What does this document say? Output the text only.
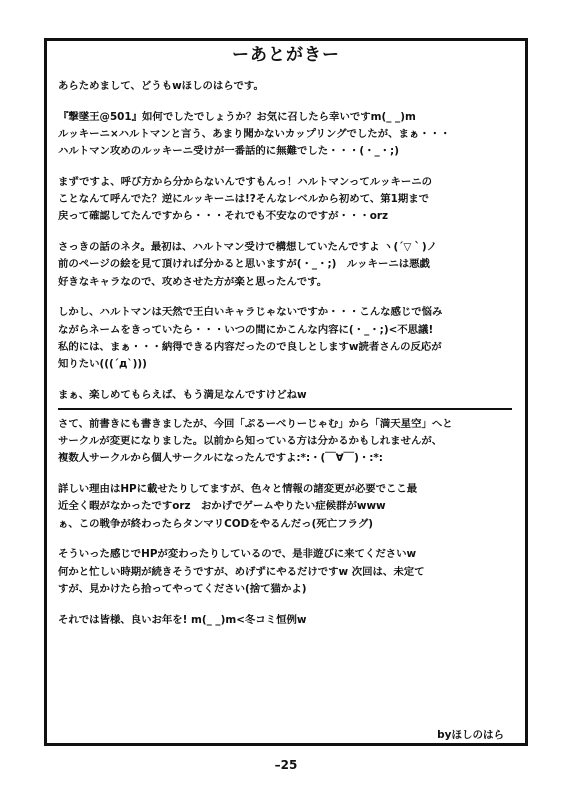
ーあとがきー

あらためまして、どうもwほしのはらです。

『撃墜王@501』如何でしたでしょうか？お気に召したら幸いですm(_ _)m
ルッキーニ×ハルトマンと言う、あまり聞かないカップリングでしたが、まぁ・・・
ハルトマン攻めのルッキーニ受けが一番話的に無難でした・・・(・_・;)

まずですよ、呼び方から分からないんですもんっ！ハルトマンってルッキーニの
ことなんて呼んでた？逆にルッキーニは!?そんなレベルから初めて、第1期まで
戻って確認してたんですから・・・それでも不安なのですが・・・orz

さっきの話のネタ。最初は、ハルトマン受けで構想していたんですよ ヽ(´▽｀)ノ
前のページの絵を見て頂ければ分かると思いますが(・_・;)　ルッキーニは悪戯
好きなキャラなので、攻めさせた方が楽と思ったんです。

しかし、ハルトマンは天然で王白いキャラじゃないですか・・・こんな感じで悩み
ながらネームをきっていたら・・・いつの間にかこんな内容に(・_・;)<不思議!
私的には、まぁ・・・納得できる内容だったので良しとしますw読者さんの反応が
知りたい(((´д`)))

まぁ、楽しめてもらえば、もう満足なんですけどねw

さて、前書きにも書きましたが、今回「ぷるーべりーじゃむ」から「満天星空」へと
サークルが変更になりました。以前から知っている方は分かるかもしれませんが、
複数人サークルから個人サークルになったんですよ:*:・(￣∀￣)・:*:

詳しい理由はHPに載せたりしてますが、色々と情報の諸変更が必要でここ最
近全く暇がなかったですorz　おかげでゲームやりたい症候群がwww
ぁ、この戦争が終わったらタンマリCODをやるんだっ(死亡フラグ)

そういった感じでHPが変わったりしているので、是非遊びに来てくださいw
何かと忙しい時期が続きそうですが、めげずにやるだけですw 次回は、未定て
すが、見かけたら拾ってやってください(捨て猫かよ)

それでは皆様、良いお年を! m(_ _)m<冬コミ恒例w

byほしのはら
–25
